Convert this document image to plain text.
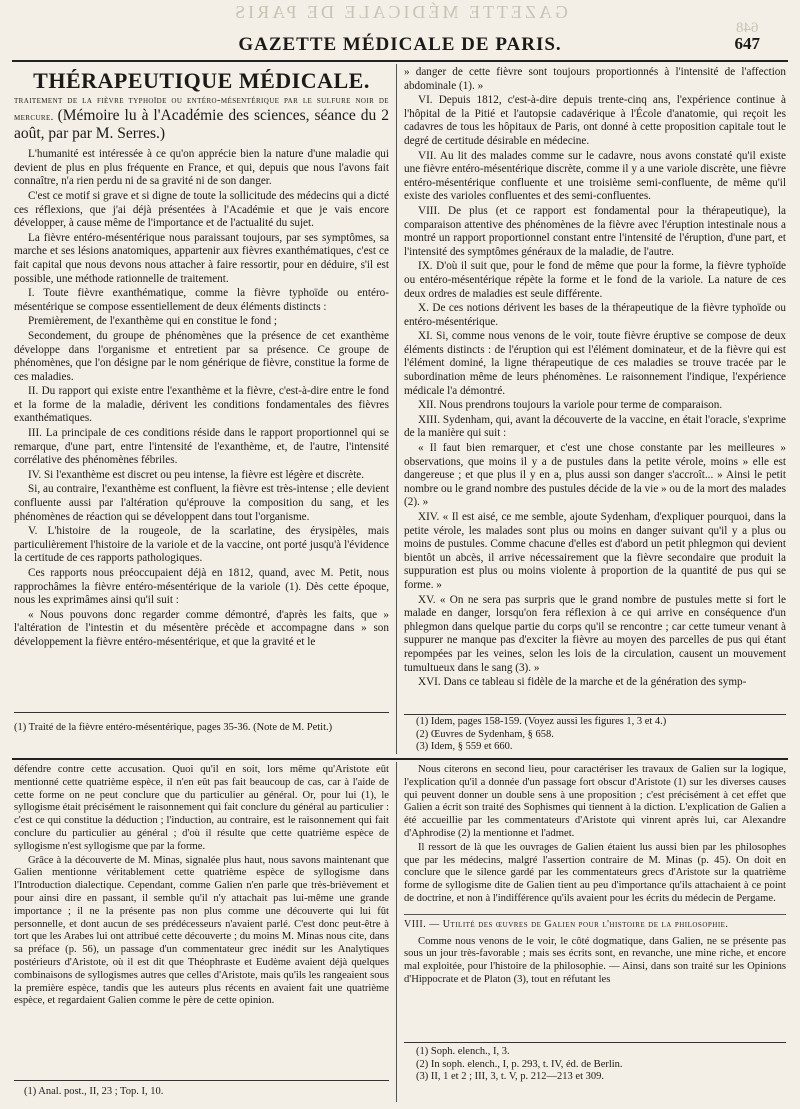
GAZETTE MÉDICALE DE PARIS
648
GAZETTE MÉDICALE DE PARIS.	647
THÉRAPEUTIQUE MÉDICALE.

traitement de la fièvre typhoïde ou entéro-mésentérique par le sulfure noir de mercure. (Mémoire lu à l'Académie des sciences, séance du 2 août, par par M. Serres.)

L'humanité est intéressée à ce qu'on apprécie bien la nature d'une maladie qui devient de plus en plus fréquente en France, et qui, depuis que nous l'avons fait connaître, n'a rien perdu ni de sa gravité ni de son danger.

C'est ce motif si grave et si digne de toute la sollicitude des médecins qui a dicté ces réflexions, que j'ai déjà présentées à l'Académie et que je vais encore développer, à cause même de l'importance et de l'actualité du sujet.

La fièvre entéro-mésentérique nous paraissant toujours, par ses symptômes, sa marche et ses lésions anatomiques, appartenir aux fièvres exanthématiques, c'est ce fait capital que nous devons nous attacher à faire ressortir, pour en déduire, s'il est possible, une méthode rationnelle de traitement.

I. Toute fièvre exanthématique, comme la fièvre typhoïde ou entéro-mésentérique se compose essentiellement de deux éléments distincts :

Premièrement, de l'exanthème qui en constitue le fond ;

Secondement, du groupe de phénomènes que la présence de cet exanthème développe dans l'organisme et entretient par sa présence. Ce groupe de phénomènes, que l'on désigne par le nom générique de fièvre, constitue la forme de ces maladies.

II. Du rapport qui existe entre l'exanthème et la fièvre, c'est-à-dire entre le fond et la forme de la maladie, dérivent les conditions fondamentales des fièvres exanthématiques.

III. La principale de ces conditions réside dans le rapport proportionnel qui se remarque, d'une part, entre l'intensité de l'exanthème, et, de l'autre, l'intensité corrélative des phénomènes fébriles.

IV. Si l'exanthème est discret ou peu intense, la fièvre est légère et discrète.

Si, au contraire, l'exanthème est confluent, la fièvre est très-intense ; elle devient confluente aussi par l'altération qu'éprouve la composition du sang, et les phénomènes de réaction qui se développent dans tout l'organisme.

V. L'histoire de la rougeole, de la scarlatine, des érysipèles, mais particulièrement l'histoire de la variole et de la vaccine, ont porté jusqu'à l'évidence la certitude de ces rapports pathologiques.

Ces rapports nous préoccupaient déjà en 1812, quand, avec M. Petit, nous rapprochâmes la fièvre entéro-mésentérique de la variole (1). Dès cette époque, nous les exprimâmes ainsi qu'il suit :

« Nous pouvons donc regarder comme démontré, d'après les faits, que » l'altération de l'intestin et du mésentère précède et accompagne dans » son développement la fièvre entéro-mésentérique, et que la gravité et le

» danger de cette fièvre sont toujours proportionnés à l'intensité de l'affection abdominale (1). »

VI. Depuis 1812, c'est-à-dire depuis trente-cinq ans, l'expérience continue à l'hôpital de la Pitié et l'autopsie cadavérique à l'École d'anatomie, qui reçoit les cadavres de tous les hôpitaux de Paris, ont donné à cette proposition capitale tout le degré de certitude désirable en médecine.

VII. Au lit des malades comme sur le cadavre, nous avons constaté qu'il existe une fièvre entéro-mésentérique discrète, comme il y a une variole discrète, une fièvre entéro-mésentérique confluente et une troisième semi-confluente, de même qu'il existe des varioles confluentes et des semi-confluentes.

VIII. De plus (et ce rapport est fondamental pour la thérapeutique), la comparaison attentive des phénomènes de la fièvre avec l'éruption intestinale nous a montré un rapport proportionnel constant entre l'intensité de l'éruption, d'une part, et l'intensité des symptômes généraux de la maladie, de l'autre.

IX. D'où il suit que, pour le fond de même que pour la forme, la fièvre typhoïde ou entéro-mésentérique répète la forme et le fond de la variole. La nature de ces deux ordres de maladies est seule différente.

X. De ces notions dérivent les bases de la thérapeutique de la fièvre typhoïde ou entéro-mésentérique.

XI. Si, comme nous venons de le voir, toute fièvre éruptive se compose de deux éléments distincts : de l'éruption qui est l'élément dominateur, et de la fièvre qui est l'élément dominé, la ligne thérapeutique de ces maladies se trouve tracée par le subordination même de leurs phénomènes. Le raisonnement l'indique, l'expérience médicale l'a démontré.

XII. Nous prendrons toujours la variole pour terme de comparaison.

XIII. Sydenham, qui, avant la découverte de la vaccine, en était l'oracle, s'exprime de la manière qui suit :

« Il faut bien remarquer, et c'est une chose constante par les meilleures » observations, que moins il y a de pustules dans la petite vérole, moins » elle est dangereuse ; et que plus il y en a, plus aussi son danger s'accroît... » Ainsi le petit nombre ou le grand nombre des pustules décide de la vie » ou de la mort des malades (2). »

XIV. « Il est aisé, ce me semble, ajoute Sydenham, d'expliquer pourquoi, dans la petite vérole, les malades sont plus ou moins en danger suivant qu'il y a plus ou moins de pustules. Comme chacune d'elles est d'abord un petit phlegmon qui devient bientôt un abcès, il arrive nécessairement que la fièvre secondaire que produit la suppuration est plus ou moins violente à proportion de la quantité de pus qui se forme. »

XV. « On ne sera pas surpris que le grand nombre de pustules mette si fort le malade en danger, lorsqu'on fera réflexion à ce qui arrive en conséquence d'un phlegmon dans quelque partie du corps qu'il se rencontre ; car cette tumeur venant à suppurer ne manque pas d'exciter la fièvre au moyen des parcelles de pus qui étant repompées par les veines, selon les lois de la circulation, causent un mouvement tumultueux dans le sang (3). »

XVI. Dans ce tableau si fidèle de la marche et de la génération des symp-

(1) Traité de la fièvre entéro-mésentérique, pages 35-36. (Note de M. Petit.)
(1) Idem, pages 158-159. (Voyez aussi les figures 1, 3 et 4.)
(2) Œuvres de Sydenham, § 658.
(3) Idem, § 559 et 660.

défendre contre cette accusation. Quoi qu'il en soit, lors même qu'Aristote eût mentionné cette quatrième espèce, il n'en eût pas fait beaucoup de cas, car à l'aide de cette forme on ne peut conclure que du particulier au général. Or, pour lui (1), le syllogisme était précisément le raisonnement qui fait conclure du général au particulier : c'est ce qui constitue la déduction ; l'induction, au contraire, est le raisonnement qui fait conclure du particulier au général ; d'où il résulte que cette quatrième espèce de syllogisme n'est syllogisme que par la forme.

Grâce à la découverte de M. Minas, signalée plus haut, nous savons maintenant que Galien mentionne véritablement cette quatrième espèce de syllogisme dans l'Introduction dialectique. Cependant, comme Galien n'en parle que très-brièvement et pour ainsi dire en passant, il semble qu'il n'y attachait pas lui-même une grande importance ; il ne la présente pas non plus comme une découverte qui lui fût personnelle, et dont aucun de ses prédécesseurs n'avaient parlé. C'est donc peut-être à tort que les Arabes lui ont attribué cette découverte ; du moins M. Minas nous cite, dans sa préface (p. 56), un passage d'un commentateur grec inédit sur les Analytiques postérieurs d'Aristote, où il est dit que Théophraste et Eudème avaient déjà quelques combinaisons de syllogismes autres que celles d'Aristote, mais qu'ils les rangeaient sous la première espèce, tandis que les auteurs plus récents en avaient fait une quatrième espèce, et regardaient Galien comme le père de cette opinion.

(1) Anal. post., II, 23 ; Top. I, 10.

Nous citerons en second lieu, pour caractériser les travaux de Galien sur la logique, l'explication qu'il a donnée d'un passage fort obscur d'Aristote (1) sur les diverses causes qui peuvent donner un double sens à une proposition ; c'est précisément à cet effet que Galien a écrit son traité des Sophismes qui tiennent à la diction. L'explication de Galien a été accueillie par les commentateurs d'Aristote qui vinrent après lui, car Alexandre d'Aphrodise (2) la mentionne et l'admet.

Il ressort de là que les ouvrages de Galien étaient lus aussi bien par les philosophes que par les médecins, malgré l'assertion contraire de M. Minas (p. 45). On doit en conclure que le silence gardé par les commentateurs grecs d'Aristote sur la quatrième forme de syllogisme dite de Galien tient au peu d'importance qu'ils attachaient à ce point de doctrine, et non à l'indifférence qu'ils avaient pour les écrits du médecin de Pergame.

VIII. — Utilité des œuvres de Galien pour l'histoire de la philosophie.

Comme nous venons de le voir, le côté dogmatique, dans Galien, ne se présente pas sous un jour très-favorable ; mais ses écrits sont, en revanche, une mine riche, et encore mal exploitée, pour l'histoire de la philosophie. — Ainsi, dans son traité sur les Opinions d'Hippocrate et de Platon (3), tout en réfutant les

(1) Soph. elench., I, 3.
(2) In soph. elench., I, p. 293, t. IV, éd. de Berlin.
(3) II, 1 et 2 ; III, 3, t. V, p. 212—213 et 309.
